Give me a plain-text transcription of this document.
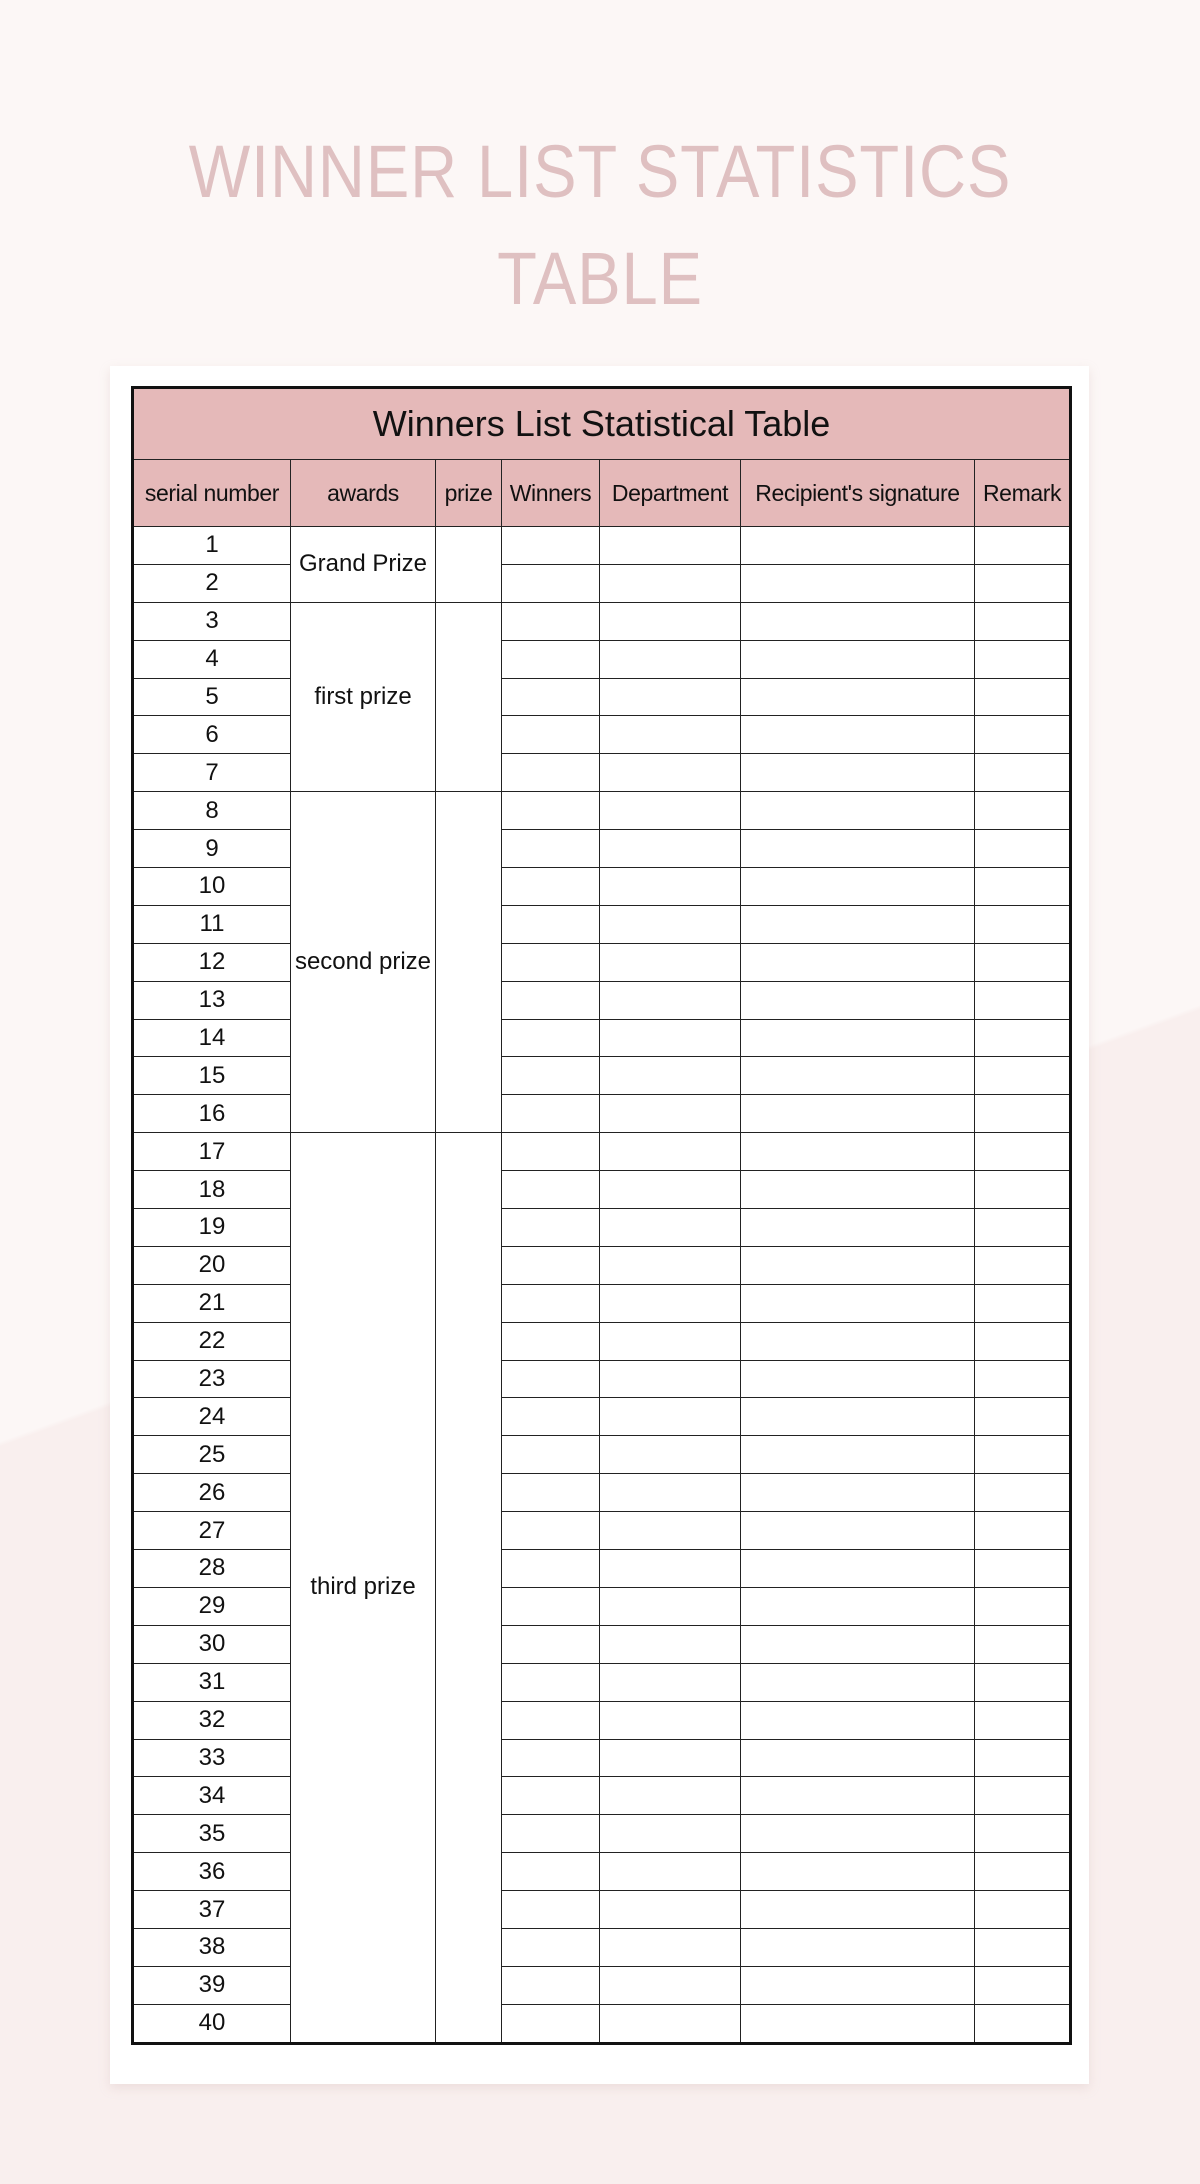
WINNER LIST STATISTICS
TABLE
Winners List Statistical Table						
serial number	awards	prize	Winners	Department	Recipient's signature	Remark
1	Grand Prize					
2						
3	first prize					
4						
5						
6						
7						
8	second prize					
9						
10						
11						
12						
13						
14						
15						
16						
17	third prize					
18						
19						
20						
21						
22						
23						
24						
25						
26						
27						
28						
29						
30						
31						
32						
33						
34						
35						
36						
37						
38						
39						
40						
